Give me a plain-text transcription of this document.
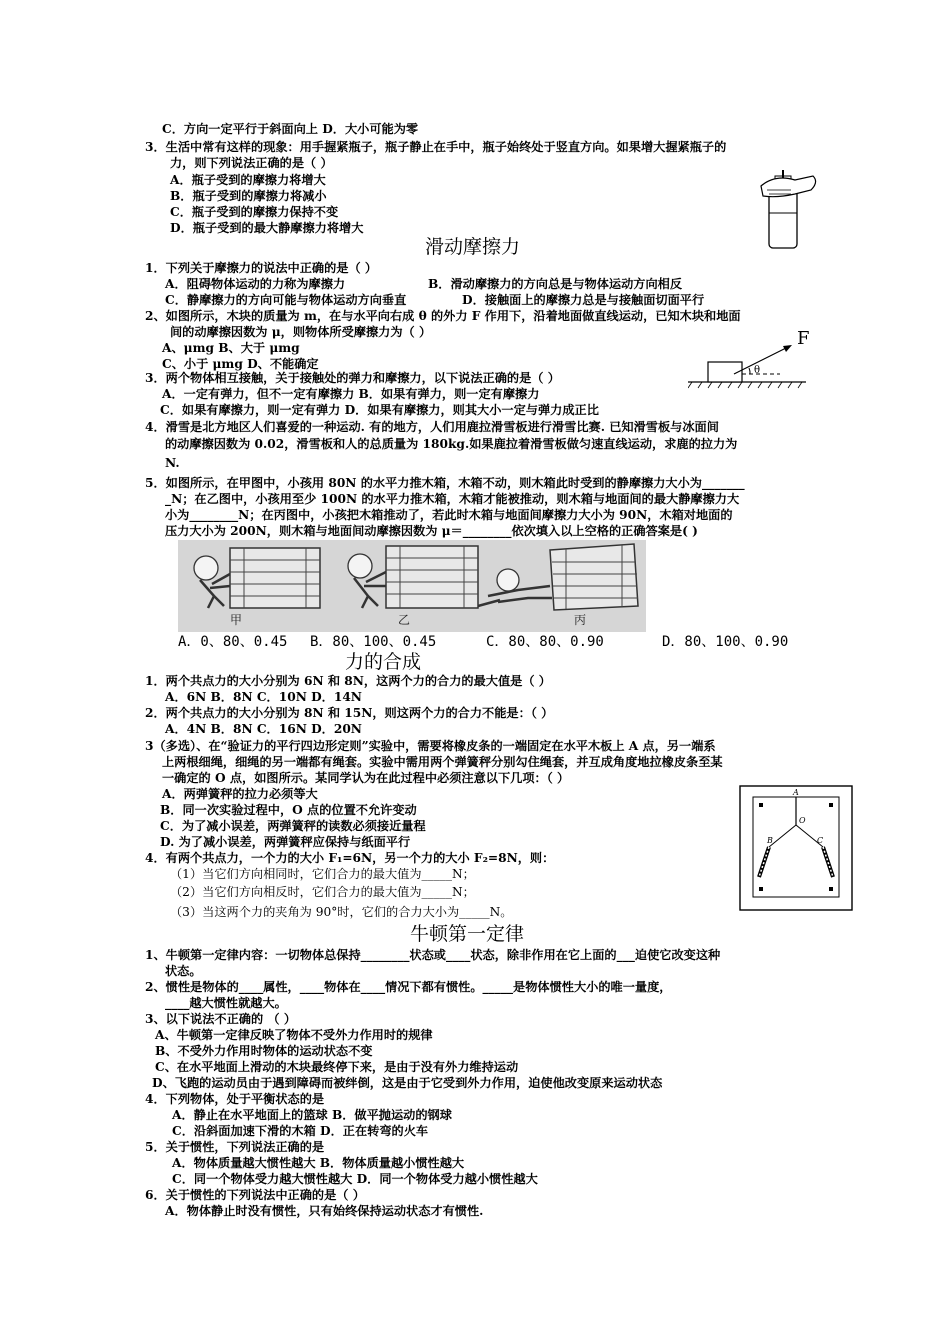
C．方向一定平行于斜面向上 D．大小可能为零
3．生活中常有这样的现象：用手握紧瓶子，瓶子静止在手中，瓶子始终处于竖直方向。如果增大握紧瓶子的
力，则下列说法正确的是（ ）
A．瓶子受到的摩擦力将增大
B．瓶子受到的摩擦力将减小
C．瓶子受到的摩擦力保持不变
D．瓶子受到的最大静摩擦力将增大
滑动摩擦力
1．下列关于摩擦力的说法中正确的是（ ）
A．阻碍物体运动的力称为摩擦力	B．滑动摩擦力的方向总是与物体运动方向相反
C．静摩擦力的方向可能与物体运动方向垂直	D．接触面上的摩擦力总是与接触面切面平行
2、如图所示，木块的质量为 m，在与水平向右成 θ 的外力 F 作用下，沿着地面做直线运动，已知木块和地面
间的动摩擦因数为 μ，则物体所受摩擦力为（ ）
A、μmg B、大于 μmg
C、小于 μmg D、不能确定	θ
F
3．两个物体相互接触，关于接触处的弹力和摩擦力，以下说法正确的是（ ）
A．一定有弹力，但不一定有摩擦力 B．如果有弹力，则一定有摩擦力
C．如果有摩擦力，则一定有弹力 D．如果有摩擦力，则其大小一定与弹力成正比
4．滑雪是北方地区人们喜爱的一种运动. 有的地方，人们用鹿拉滑雪板进行滑雪比赛. 已知滑雪板与冰面间
的动摩擦因数为 0.02，滑雪板和人的总质量为 180kg.如果鹿拉着滑雪板做匀速直线运动，求鹿的拉力为
N.
5．如图所示，在甲图中，小孩用 80N 的水平力推木箱，木箱不动，则木箱此时受到的静摩擦力大小为_______
_N；在乙图中，小孩用至少 100N 的水平力推木箱，木箱才能被推动，则木箱与地面间的最大静摩擦力大
小为________N；在丙图中，小孩把木箱推动了，若此时木箱与地面间摩擦力大小为 90N，木箱对地面的
压力大小为 200N，则木箱与地面间动摩擦因数为 μ＝________依次填入以上空格的正确答案是( )
甲	乙	丙
A．0、80、0.45 B．80、100、0.45	C．80、80、0.90	D．80、100、0.90
力的合成
1．两个共点力的大小分别为 6N 和 8N，这两个力的合力的最大值是（ ）
A．6N B．8N C．10N D．14N
2．两个共点力的大小分别为 8N 和 15N，则这两个力的合力不能是：（ ）
A．4N B．8N C．16N D．20N
3（多选）、在“验证力的平行四边形定则”实验中，需要将橡皮条的一端固定在水平木板上 A 点，另一端系
上两根细绳，细绳的另一端都有绳套。实验中需用两个弹簧秤分别勾住绳套，并互成角度地拉橡皮条至某
一确定的 O 点，如图所示。某同学认为在此过程中必须注意以下几项：（ ）
A．两弹簧秤的拉力必须等大
B．同一次实验过程中，O 点的位置不允许变动
C．为了减小误差，两弹簧秤的读数必须接近量程
D. 为了减小误差，两弹簧秤应保持与纸面平行
A
O
B	C
4．有两个共点力，一个力的大小 F₁=6N，另一个力的大小 F₂=8N，则：
（1）当它们方向相同时，它们合力的最大值为_____N；
（2）当它们方向相反时，它们合力的最大值为_____N；
（3）当这两个力的夹角为 90°时，它们的合力大小为_____N。
牛顿第一定律
1、牛顿第一定律内容：一切物体总保持________状态或____状态，除非作用在它上面的___迫使它改变这种
状态。
2、惯性是物体的____属性，____物体在____情况下都有惯性。_____是物体惯性大小的唯一量度，
____越大惯性就越大。
3、以下说法不正确的 （ ）
A、牛顿第一定律反映了物体不受外力作用时的规律
B、不受外力作用时物体的运动状态不变
C、在水平地面上滑动的木块最终停下来，是由于没有外力维持运动
D、飞跑的运动员由于遇到障碍而被绊倒，这是由于它受到外力作用，迫使他改变原来运动状态
4．下列物体，处于平衡状态的是
A．静止在水平地面上的篮球 B．做平抛运动的钢球
C．沿斜面加速下滑的木箱 D．正在转弯的火车
5．关于惯性，下列说法正确的是
A．物体质量越大惯性越大 B．物体质量越小惯性越大
C．同一个物体受力越大惯性越大 D．同一个物体受力越小惯性越大
6．关于惯性的下列说法中正确的是（ ）
A．物体静止时没有惯性，只有始终保持运动状态才有惯性.
